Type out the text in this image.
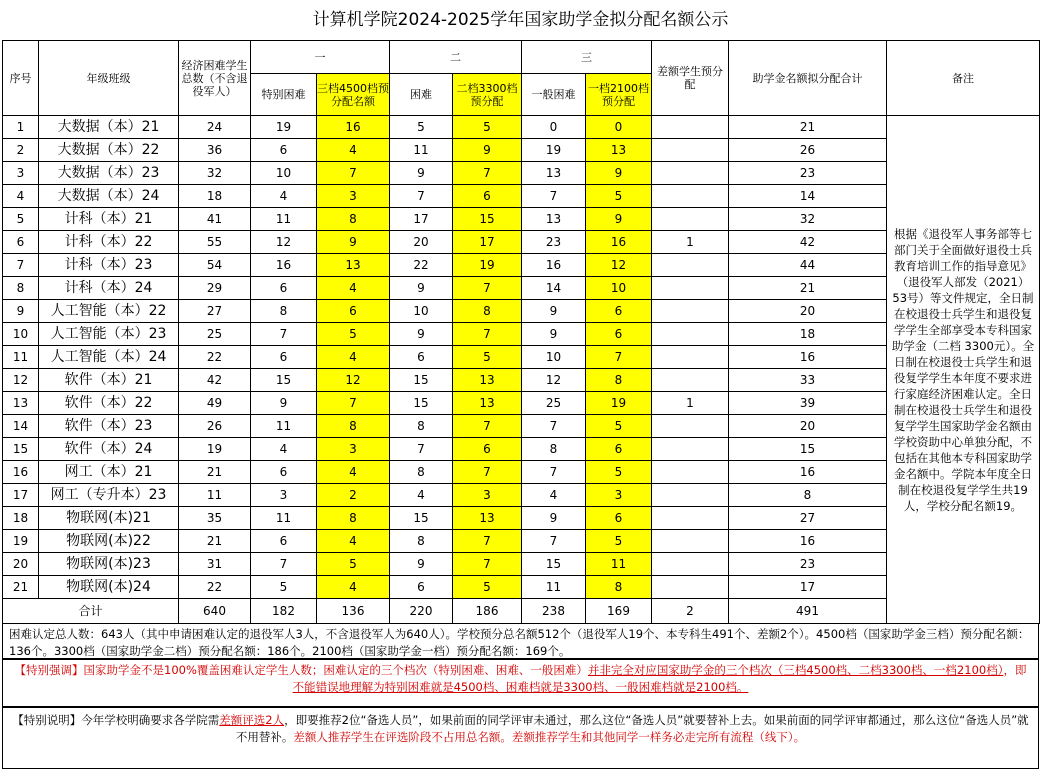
计算机学院2024-2025学年国家助学金拟分配名额公示
序号	年级班级	经济困难学生总数（不含退役军人）	一		二		三		差额学生预分配	助学金名额拟分配合计	备注
			特别困难	三档4500档预分配名额	困难	二档3300档预分配	一般困难	一档2100档预分配			
1	大数据（本）21	24	19	16	5	5	0	0		21	根据《退役军人事务部等七部门关于全面做好退役士兵教育培训工作的指导意见》（退役军人部发（2021）53号）等文件规定，全日制在校退役士兵学生和退役复学学生全部享受本专科国家助学金（二档 3300元）。全日制在校退役士兵学生和退役复学学生本年度不要求进行家庭经济困难认定。全日制在校退役士兵学生和退役复学学生国家助学金名额由学校资助中心单独分配，不包括在其他本专科国家助学金名额中。学院本年度全日制在校退役复学学生共19人，学校分配名额19。
2	大数据（本）22	36	6	4	11	9	19	13		26	
3	大数据（本）23	32	10	7	9	7	13	9		23	
4	大数据（本）24	18	4	3	7	6	7	5		14	
5	计科（本）21	41	11	8	17	15	13	9		32	
6	计科（本）22	55	12	9	20	17	23	16	1	42	
7	计科（本）23	54	16	13	22	19	16	12		44	
8	计科（本）24	29	6	4	9	7	14	10		21	
9	人工智能（本）22	27	8	6	10	8	9	6		20	
10	人工智能（本）23	25	7	5	9	7	9	6		18	
11	人工智能（本）24	22	6	4	6	5	10	7		16	
12	软件（本）21	42	15	12	15	13	12	8		33	
13	软件（本）22	49	9	7	15	13	25	19	1	39	
14	软件（本）23	26	11	8	8	7	7	5		20	
15	软件（本）24	19	4	3	7	6	8	6		15	
16	网工（本）21	21	6	4	8	7	7	5		16	
17	网工（专升本）23	11	3	2	4	3	4	3		8	
18	物联网(本)21	35	11	8	15	13	9	6		27	
19	物联网(本)22	21	6	4	8	7	7	5		16	
20	物联网(本)23	31	7	5	9	7	15	11		23	
21	物联网(本)24	22	5	4	6	5	11	8		17	
合计		640	182	136	220	186	238	169	2	491	
困难认定总人数：643人（其中申请困难认定的退役军人3人，不含退役军人为640人）。学校预分总名额512个（退役军人19个、本专科生491个、差额2个）。4500档（国家助学金三档）预分配名额：136个。3300档（国家助学金二档）预分配名额：186个。2100档（国家助学金一档）预分配名额：169个。
【特别强调】国家助学金不是100%覆盖困难认定学生人数；困难认定的三个档次（特别困难、困难、一般困难）并非完全对应国家助学金的三个档次（三档4500档、二档3300档、一档2100档），即不能错误地理解为特别困难就是4500档、困难档就是3300档、一般困难档就是2100档。
【特别说明】今年学校明确要求各学院需差额评选2人，即要推荐2位“备选人员”，如果前面的同学评审未通过，那么这位“备选人员”就要替补上去。如果前面的同学评审都通过，那么这位“备选人员”就不用替补。差额人推荐学生在评选阶段不占用总名额。差额推荐学生和其他同学一样务必走完所有流程（线下）。
